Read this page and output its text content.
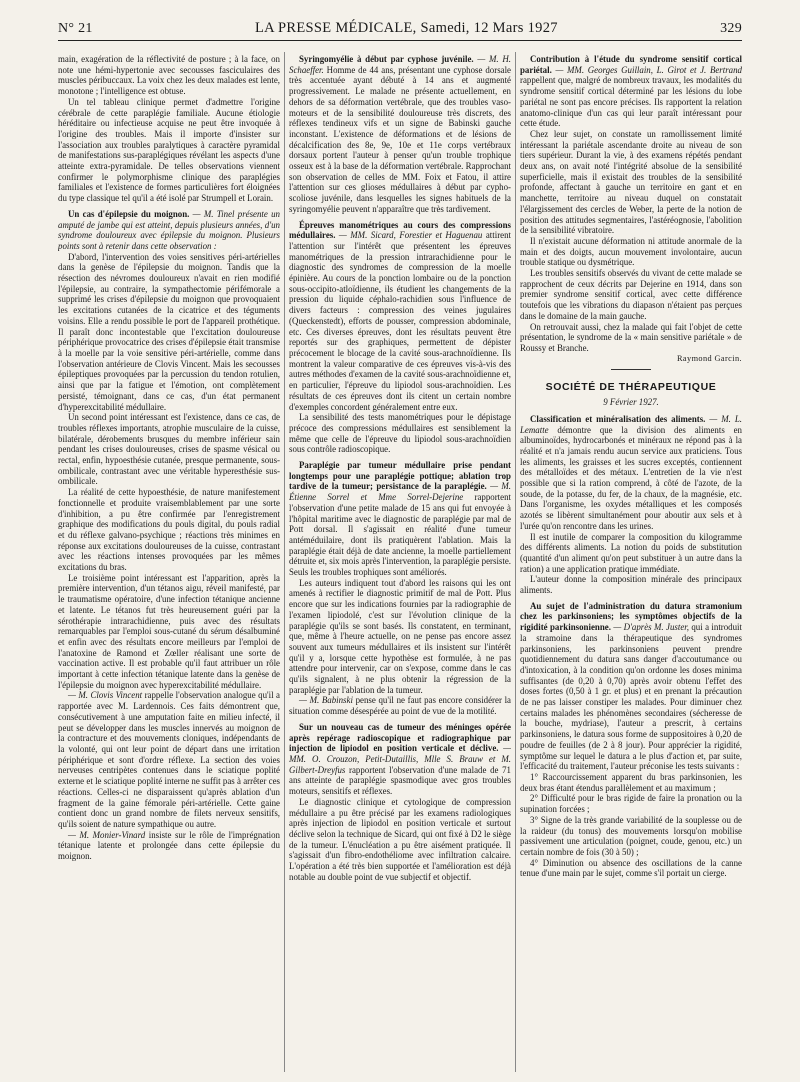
N° 21	LA PRESSE MÉDICALE, Samedi, 12 Mars 1927	329

main, exagération de la réflectivité de posture ; à la face, on note une hémi-hypertonie avec secousses fasciculaires des muscles péribuccaux. La voix chez les deux malades est lente, monotone ; l'intelligence est obtuse.

Un tel tableau clinique permet d'admettre l'origine cérébrale de cette paraplégie familiale. Aucune étiologie héréditaire ou infectieuse acquise ne peut être invoquée à l'origine des troubles. Mais il importe d'insister sur l'association aux troubles paralytiques à caractère pyramidal de manifestations sus-paraplégiques révélant les aspects d'une atteinte extra-pyramidale. De telles observations viennent confirmer le polymorphisme clinique des paraplégies familiales et l'existence de formes particulières fort éloignées du type classique tel qu'il a été isolé par Strumpell et Lorain.

Un cas d'épilepsie du moignon. — M. Tinel présente un amputé de jambe qui est atteint, depuis plusieurs années, d'un syndrome douloureux avec épilepsie du moignon. Plusieurs points sont à retenir dans cette observation :

D'abord, l'intervention des voies sensitives péri-artérielles dans la genèse de l'épilepsie du moignon. Tandis que la résection des névromes douloureux n'avait en rien modifié l'épilepsie, au contraire, la sympathectomie périfémorale a supprimé les crises d'épilepsie du moignon que provoquaient les excitations cutanées de la cicatrice et des téguments voisins. Elle a rendu possible le port de l'appareil prothétique. Il paraît donc incontestable que l'excitation douloureuse périphérique provocatrice des crises d'épilepsie était transmise à la moelle par la voie sensitive péri-artérielle, comme dans l'observation antérieure de Clovis Vincent. Mais les secousses épileptiques provoquées par la percussion du tendon rotulien, ainsi que par la fatigue et l'émotion, ont complètement persisté, témoignant, dans ce cas, d'un état permanent d'hyperexcitabilité médullaire.

Un second point intéressant est l'existence, dans ce cas, de troubles réflexes importants, atrophie musculaire de la cuisse, bilatérale, dérobements brusques du membre inférieur sain pendant les crises douloureuses, crises de spasme vésical ou rectal, enfin, hypoesthésie cutanée, presque permanente, sous-ombilicale, contrastant avec une véritable hyperesthésie sus-ombilicale.

La réalité de cette hypoesthésie, de nature manifestement fonctionnelle et produite vraisemblablement par une sorte d'inhibition, a pu être confirmée par l'enregistrement graphique des modifications du pouls digital, du pouls radial et du réflexe galvano-psychique ; réactions très minimes en réponse aux excitations douloureuses de la cuisse, contrastant avec les réactions intenses provoquées par les mêmes excitations du bras.

Le troisième point intéressant est l'apparition, après la première intervention, d'un tétanos aigu, réveil manifesté, par le traumatisme opératoire, d'une infection tétanique ancienne et latente. Le tétanos fut très heureusement guéri par la sérothérapie intrarachidienne, puis avec des résultats remarquables par l'emploi sous-cutané du sérum désalbuminé et enfin avec des résultats encore meilleurs par l'emploi de l'anatoxine de Ramond et Zœller réalisant une sorte de vaccination active. Il est probable qu'il faut attribuer un rôle important à cette infection tétanique latente dans la genèse de l'épilepsie du moignon avec hyperexcitabilité médullaire.

— M. Clovis Vincent rappelle l'observation analogue qu'il a rapportée avec M. Lardennois. Ces faits démontrent que, consécutivement à une amputation faite en milieu infecté, il peut se développer dans les muscles innervés au moignon de la contracture et des mouvements cloniques, indépendants de la volonté, qui ont leur point de départ dans une irritation périphérique et sont d'ordre réflexe. La section des voies nerveuses centripètes contenues dans le sciatique poplité externe et le sciatique poplité interne ne suffit pas à arrêter ces réactions. Celles-ci ne disparaissent qu'après ablation d'un fragment de la gaine fémorale péri-artérielle. Cette gaine contient donc un grand nombre de filets nerveux sensitifs, qu'ils soient de nature sympathique ou autre.

— M. Monier-Vinard insiste sur le rôle de l'imprégnation tétanique latente et prolongée dans cette épilepsie du moignon.

Syringomyélie à début par cyphose juvénile. — M. H. Schaeffer. Homme de 44 ans, présentant une cyphose dorsale très accentuée ayant débuté à 14 ans et augmenté progressivement. Le malade ne présente actuellement, en dehors de sa déformation vertébrale, que des troubles vaso-moteurs et de la sensibilité douloureuse très discrets, des réflexes tendineux vifs et un signe de Babinski gauche inconstant. L'existence de déformations et de lésions de décalcification des 8e, 9e, 10e et 11e corps vertébraux dorsaux portent l'auteur à penser qu'un trouble trophique osseux est à la base de la déformation vertébrale. Rapprochant son observation de celles de MM. Foix et Fatou, il attire l'attention sur ces glioses médullaires à début par cypho-scoliose juvénile, dans lesquelles les signes habituels de la syringomyélie peuvent n'apparaître que très tardivement.

Épreuves manométriques au cours des compressions médullaires. — MM. Sicard, Forestier et Haguenau attirent l'attention sur l'intérêt que présentent les épreuves manométriques de la pression intrarachidienne pour le diagnostic des syndromes de compression de la moelle épinière. Au cours de la ponction lombaire ou de la ponction sous-occipito-atloïdienne, ils étudient les changements de la pression du liquide céphalo-rachidien sous l'influence de divers facteurs : compression des veines jugulaires (Queckenstedt), efforts de pousser, compression abdominale, etc. Ces diverses épreuves, dont les résultats peuvent être reportés sur des graphiques, permettent de dépister précocement le blocage de la cavité sous-arachnoïdienne. Ils montrent la valeur comparative de ces épreuves vis-à-vis des autres méthodes d'examen de la cavité sous-arachnoïdienne et, en particulier, l'épreuve du lipiodol sous-arachnoïdien. Les résultats de ces épreuves dont ils citent un certain nombre d'exemples concordent généralement entre eux.

La sensibilité des tests manométriques pour le dépistage précoce des compressions médullaires est sensiblement la même que celle de l'épreuve du lipiodol sous-arachnoïdien sous contrôle radioscopique.

Paraplégie par tumeur médullaire prise pendant longtemps pour une paraplégie pottique; ablation trop tardive de la tumeur; persistance de la paraplégie. — M. Étienne Sorrel et Mme Sorrel-Dejerine rapportent l'observation d'une petite malade de 15 ans qui fut envoyée à l'hôpital maritime avec le diagnostic de paraplégie par mal de Pott dorsal. Il s'agissait en réalité d'une tumeur antéméduilaire, dont ils pratiquèrent l'ablation. Mais la paraplégie était déjà de date ancienne, la moelle partiellement détruite et, six mois après l'intervention, la paraplégie persiste. Seuls les troubles trophiques sont améliorés.

Les auteurs indiquent tout d'abord les raisons qui les ont amenés à rectifier le diagnostic primitif de mal de Pott. Plus encore que sur les indications fournies par la radiographie de l'examen lipiodolé, c'est sur l'évolution clinique de la paraplégie qu'ils se sont basés. Ils constatent, en terminant, que, même à l'heure actuelle, on ne pense pas encore assez souvent aux tumeurs médullaires et ils insistent sur l'intérêt qu'il y a, lorsque cette hypothèse est formulée, à ne pas attendre pour intervenir, car on s'expose, comme dans le cas qu'ils signalent, à ne plus obtenir la régression de la paraplégie par l'ablation de la tumeur.

— M. Babinski pense qu'il ne faut pas encore considérer la situation comme désespérée au point de vue de la motilité.

Sur un nouveau cas de tumeur des méninges opérée après repérage radioscopique et radiographique par injection de lipiodol en position verticale et déclive. — MM. O. Crouzon, Petit-Dutaillis, Mlle S. Brauw et M. Gilbert-Dreyfus rapportent l'observation d'une malade de 71 ans atteinte de paraplégie spasmodique avec gros troubles moteurs, sensitifs et réflexes.

Le diagnostic clinique et cytologique de compression médullaire a pu être précisé par les examens radiologiques après injection de lipiodol en position verticale et surtout déclive selon la technique de Sicard, qui ont fixé à D2 le siège de la tumeur. L'énucléation a pu être aisément pratiquée. Il s'agissait d'un fibro-endothéliome avec infiltration calcaire. L'opération a été très bien supportée et l'amélioration est déjà notable au double point de vue subjectif et objectif.

Contribution à l'étude du syndrome sensitif cortical pariétal. — MM. Georges Guillain, L. Girot et J. Bertrand rappellent que, malgré de nombreux travaux, les modalités du syndrome sensitif cortical déterminé par les lésions du lobe pariétal ne sont pas encore précises. Ils rapportent la relation anatomo-clinique d'un cas qui leur paraît intéressant pour cette étude.

Chez leur sujet, on constate un ramollissement limité intéressant la pariétale ascendante droite au niveau de son tiers supérieur. Durant la vie, à des examens répétés pendant deux ans, on avait noté l'intégrité absolue de la sensibilité superficielle, mais il existait des troubles de la sensibilité profonde, affectant à gauche un territoire en gant et en manchette, territoire au niveau duquel on constatait l'élargissement des cercles de Weber, la perte de la notion de position des attitudes segmentaires, l'astéréognosie, l'abolition de la sensibilité vibratoire.

Il n'existait aucune déformation ni attitude anormale de la main et des doigts, aucun mouvement involontaire, aucun trouble statique ou dysmétrique.

Les troubles sensitifs observés du vivant de cette malade se rapprochent de ceux décrits par Dejerine en 1914, dans son premier syndrome sensitif cortical, avec cette différence toutefois que les vibrations du diapason n'étaient pas perçues dans le domaine de la main gauche.

On retrouvait aussi, chez la malade qui fait l'objet de cette présentation, le syndrome de la « main sensitive pariétale » de Roussy et Branche.

Raymond Garcin.

SOCIÉTÉ DE THÉRAPEUTIQUE
9 Février 1927.

Classification et minéralisation des aliments. — M. L. Lematte démontre que la division des aliments en albuminoïdes, hydrocarbonés et minéraux ne répond pas à la réalité et n'a jamais rendu aucun service aux praticiens. Tous les aliments, les graisses et les sucres exceptés, contiennent des métalloïdes et des métaux. L'entretien de la vie n'est possible que si la ration comprend, à côté de l'azote, de la soude, de la potasse, du fer, de la chaux, de la magnésie, etc. Dans l'organisme, les oxydes métalliques et les composés azotés se libèrent simultanément pour aboutir aux sels et à l'urée qu'on rencontre dans les urines.

Il est inutile de comparer la composition du kilogramme des différents aliments. La notion du poids de substitution (quantité d'un aliment qu'on peut substituer à un autre dans la ration) a une application pratique immédiate.

L'auteur donne la composition minérale des principaux aliments.

Au sujet de l'administration du datura stramonium chez les parkinsoniens; les symptômes objectifs de la rigidité parkinsonienne. — D'après M. Juster, qui a introduit la stramoine dans la thérapeutique des syndromes parkinsoniens, les parkinsoniens peuvent prendre quotidiennement du datura sans danger d'accoutumance ou d'intoxication, à la condition qu'on ordonne les doses minima suffisantes (de 0,20 à 0,70) après avoir obtenu l'effet des doses fortes (0,50 à 1 gr. et plus) et en prenant la précaution de ne pas laisser constiper les malades. Pour diminuer chez certains malades les phénomènes secondaires (sécheresse de la bouche, mydriase), l'auteur a prescrit, à certains parkinsoniens, le datura sous forme de suppositoires à 0,20 de poudre de feuilles (de 2 à 8 jour). Pour apprécier la rigidité, symptôme sur lequel le datura a le plus d'action et, par suite, l'efficacité du traitement, l'auteur préconise les tests suivants :

1° Raccourcissement apparent du bras parkinsonien, les deux bras étant étendus parallèlement et au maximum ;

2° Difficulté pour le bras rigide de faire la pronation ou la supination forcées ;

3° Signe de la très grande variabilité de la souplesse ou de la raideur (du tonus) des mouvements lorsqu'on mobilise passivement une articulation (poignet, coude, genou, etc.) un certain nombre de fois (30 à 50) ;

4° Diminution ou absence des oscillations de la canne tenue d'une main par le sujet, comme s'il portait un cierge.
